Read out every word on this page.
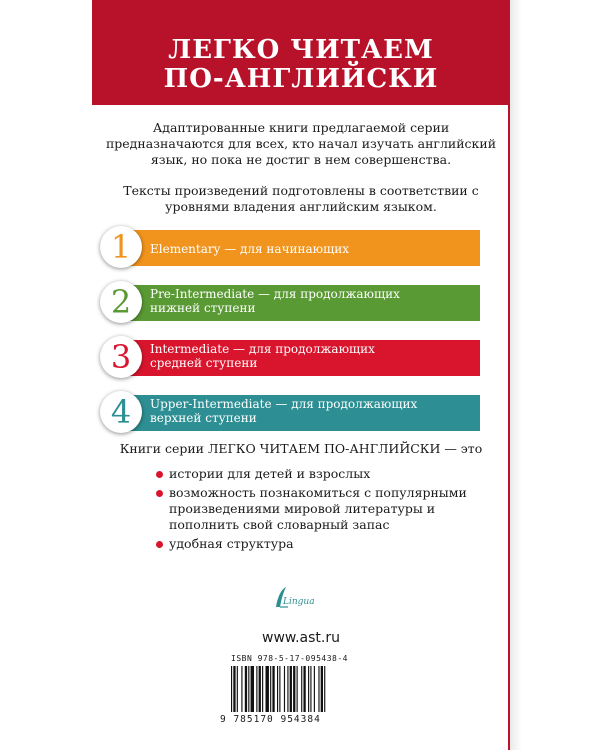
ЛЕГКО ЧИТАЕМ
ПО-АНГЛИЙСКИ

Адаптированные книги предлагаемой серии предназначаются для всех, кто начал изучать английский язык, но пока не достиг в нем совершенства.

Тексты произведений подготовлены в соответствии с уровнями владения английским языком.

Elementary — для начинающих
1
Pre-Intermediate — для продолжающих
нижней ступени
2
Intermediate — для продолжающих
средней ступени
3
Upper-Intermediate — для продолжающих
верхней ступени
4

Книги серии ЛЕГКО ЧИТАЕМ ПО-АНГЛИЙСКИ — это

истории для детей и взрослых
возможность познакомиться с популярными произведениями мировой литературы и пополнить свой словарный запас
удобная структура
Lingua

www.ast.ru

ISBN 978-5-17-095438-4

9 785170 954384
